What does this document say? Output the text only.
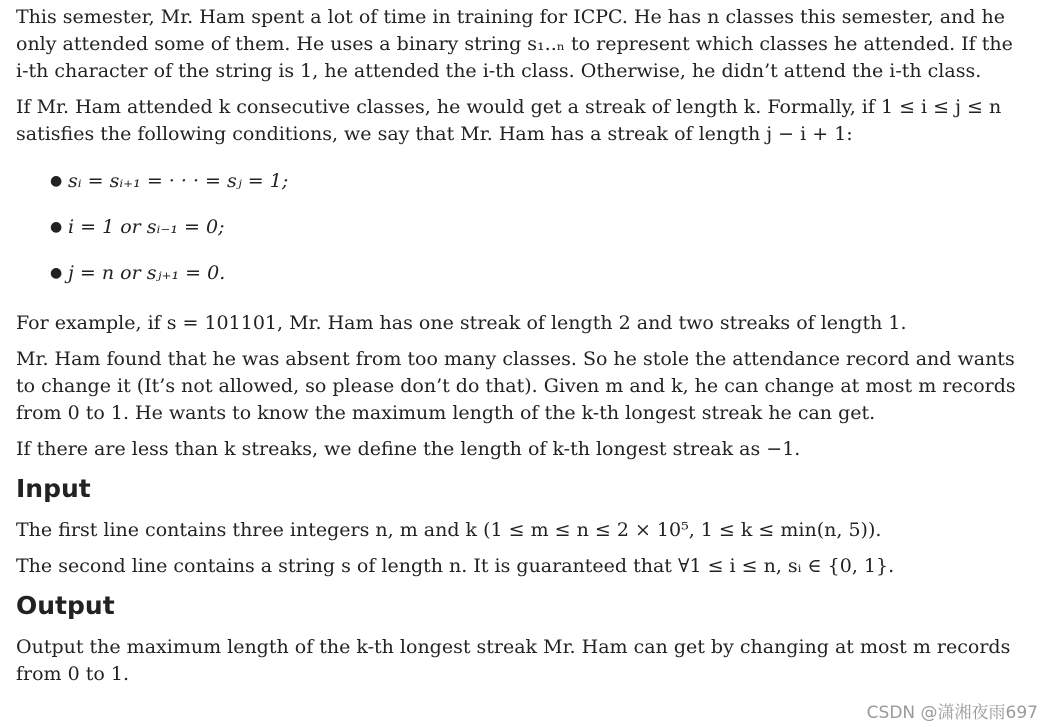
This semester, Mr. Ham spent a lot of time in training for ICPC. He has n classes this semester, and he only attended some of them. He uses a binary string s₁..ₙ to represent which classes he attended. If the i-th character of the string is 1, he attended the i-th class. Otherwise, he didn’t attend the i-th class.

If Mr. Ham attended k consecutive classes, he would get a streak of length k. Formally, if 1 ≤ i ≤ j ≤ n satisfies the following conditions, we say that Mr. Ham has a streak of length j − i + 1:

● sᵢ = sᵢ₊₁ = · · · = sⱼ = 1;
● i = 1 or sᵢ₋₁ = 0;
● j = n or sⱼ₊₁ = 0.

For example, if s = 101101, Mr. Ham has one streak of length 2 and two streaks of length 1.

Mr. Ham found that he was absent from too many classes. So he stole the attendance record and wants to change it (It’s not allowed, so please don’t do that). Given m and k, he can change at most m records from 0 to 1. He wants to know the maximum length of the k-th longest streak he can get.

If there are less than k streaks, we define the length of k-th longest streak as −1.

Input

The first line contains three integers n, m and k (1 ≤ m ≤ n ≤ 2 × 10⁵, 1 ≤ k ≤ min(n, 5)).

The second line contains a string s of length n. It is guaranteed that ∀1 ≤ i ≤ n, sᵢ ∈ {0, 1}.

Output

Output the maximum length of the k-th longest streak Mr. Ham can get by changing at most m records from 0 to 1.

CSDN @潇湘夜雨697
